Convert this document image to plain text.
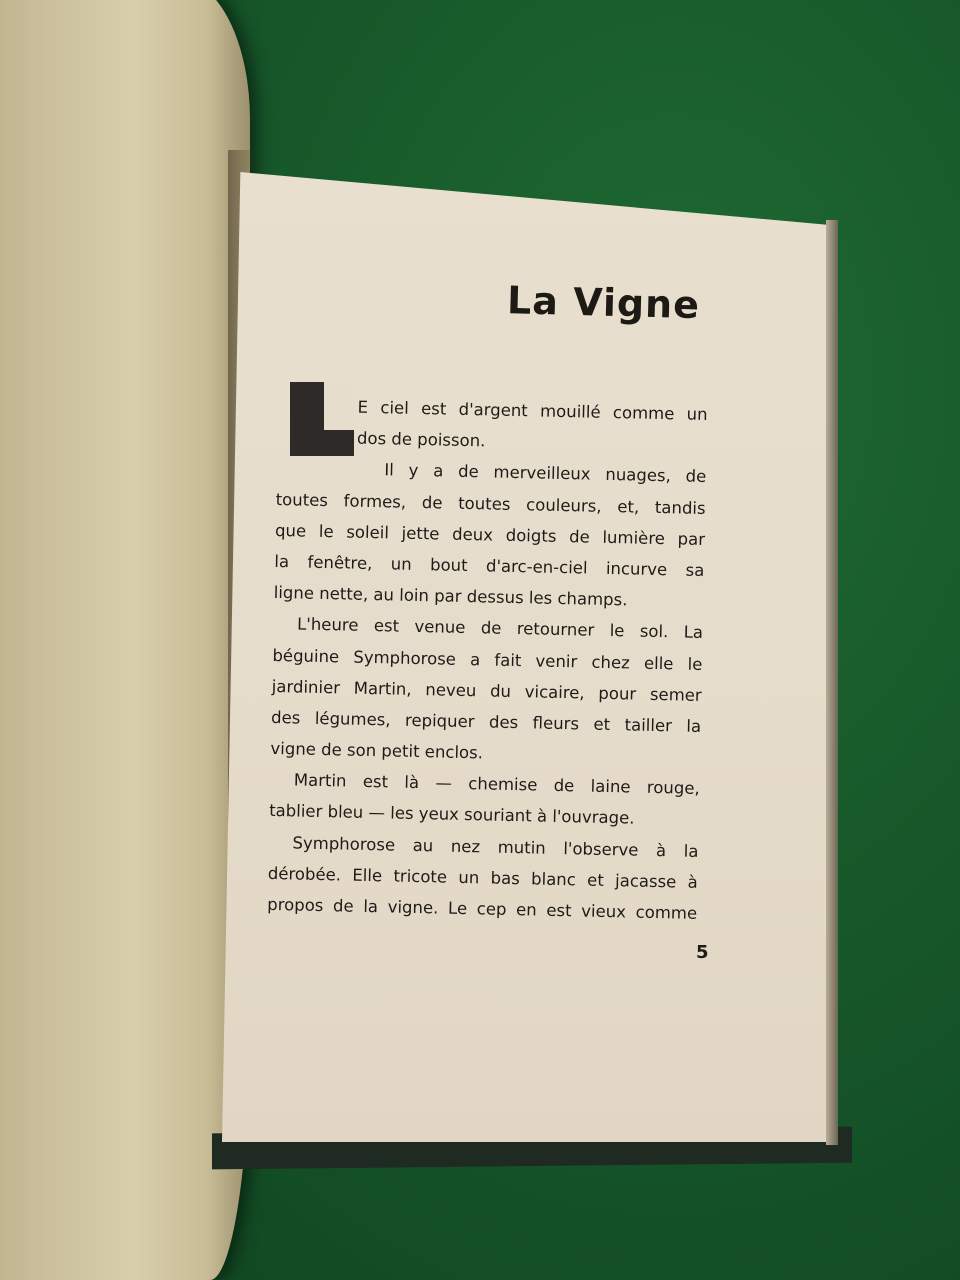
La Vigne
E ciel est d'argent mouillé comme un
dos de poisson.
Il y a de merveilleux nuages, de
toutes formes, de toutes couleurs, et, tandis
que le soleil jette deux doigts de lumière par
la fenêtre, un bout d'arc-en-ciel incurve sa
ligne nette, au loin par dessus les champs.
L'heure est venue de retourner le sol. La
béguine Symphorose a fait venir chez elle le
jardinier Martin, neveu du vicaire, pour semer
des légumes, repiquer des fleurs et tailler la
vigne de son petit enclos.
Martin est là — chemise de laine rouge,
tablier bleu — les yeux souriant à l'ouvrage.
Symphorose au nez mutin l'observe à la
dérobée. Elle tricote un bas blanc et jacasse à
propos de la vigne. Le cep en est vieux comme
5
